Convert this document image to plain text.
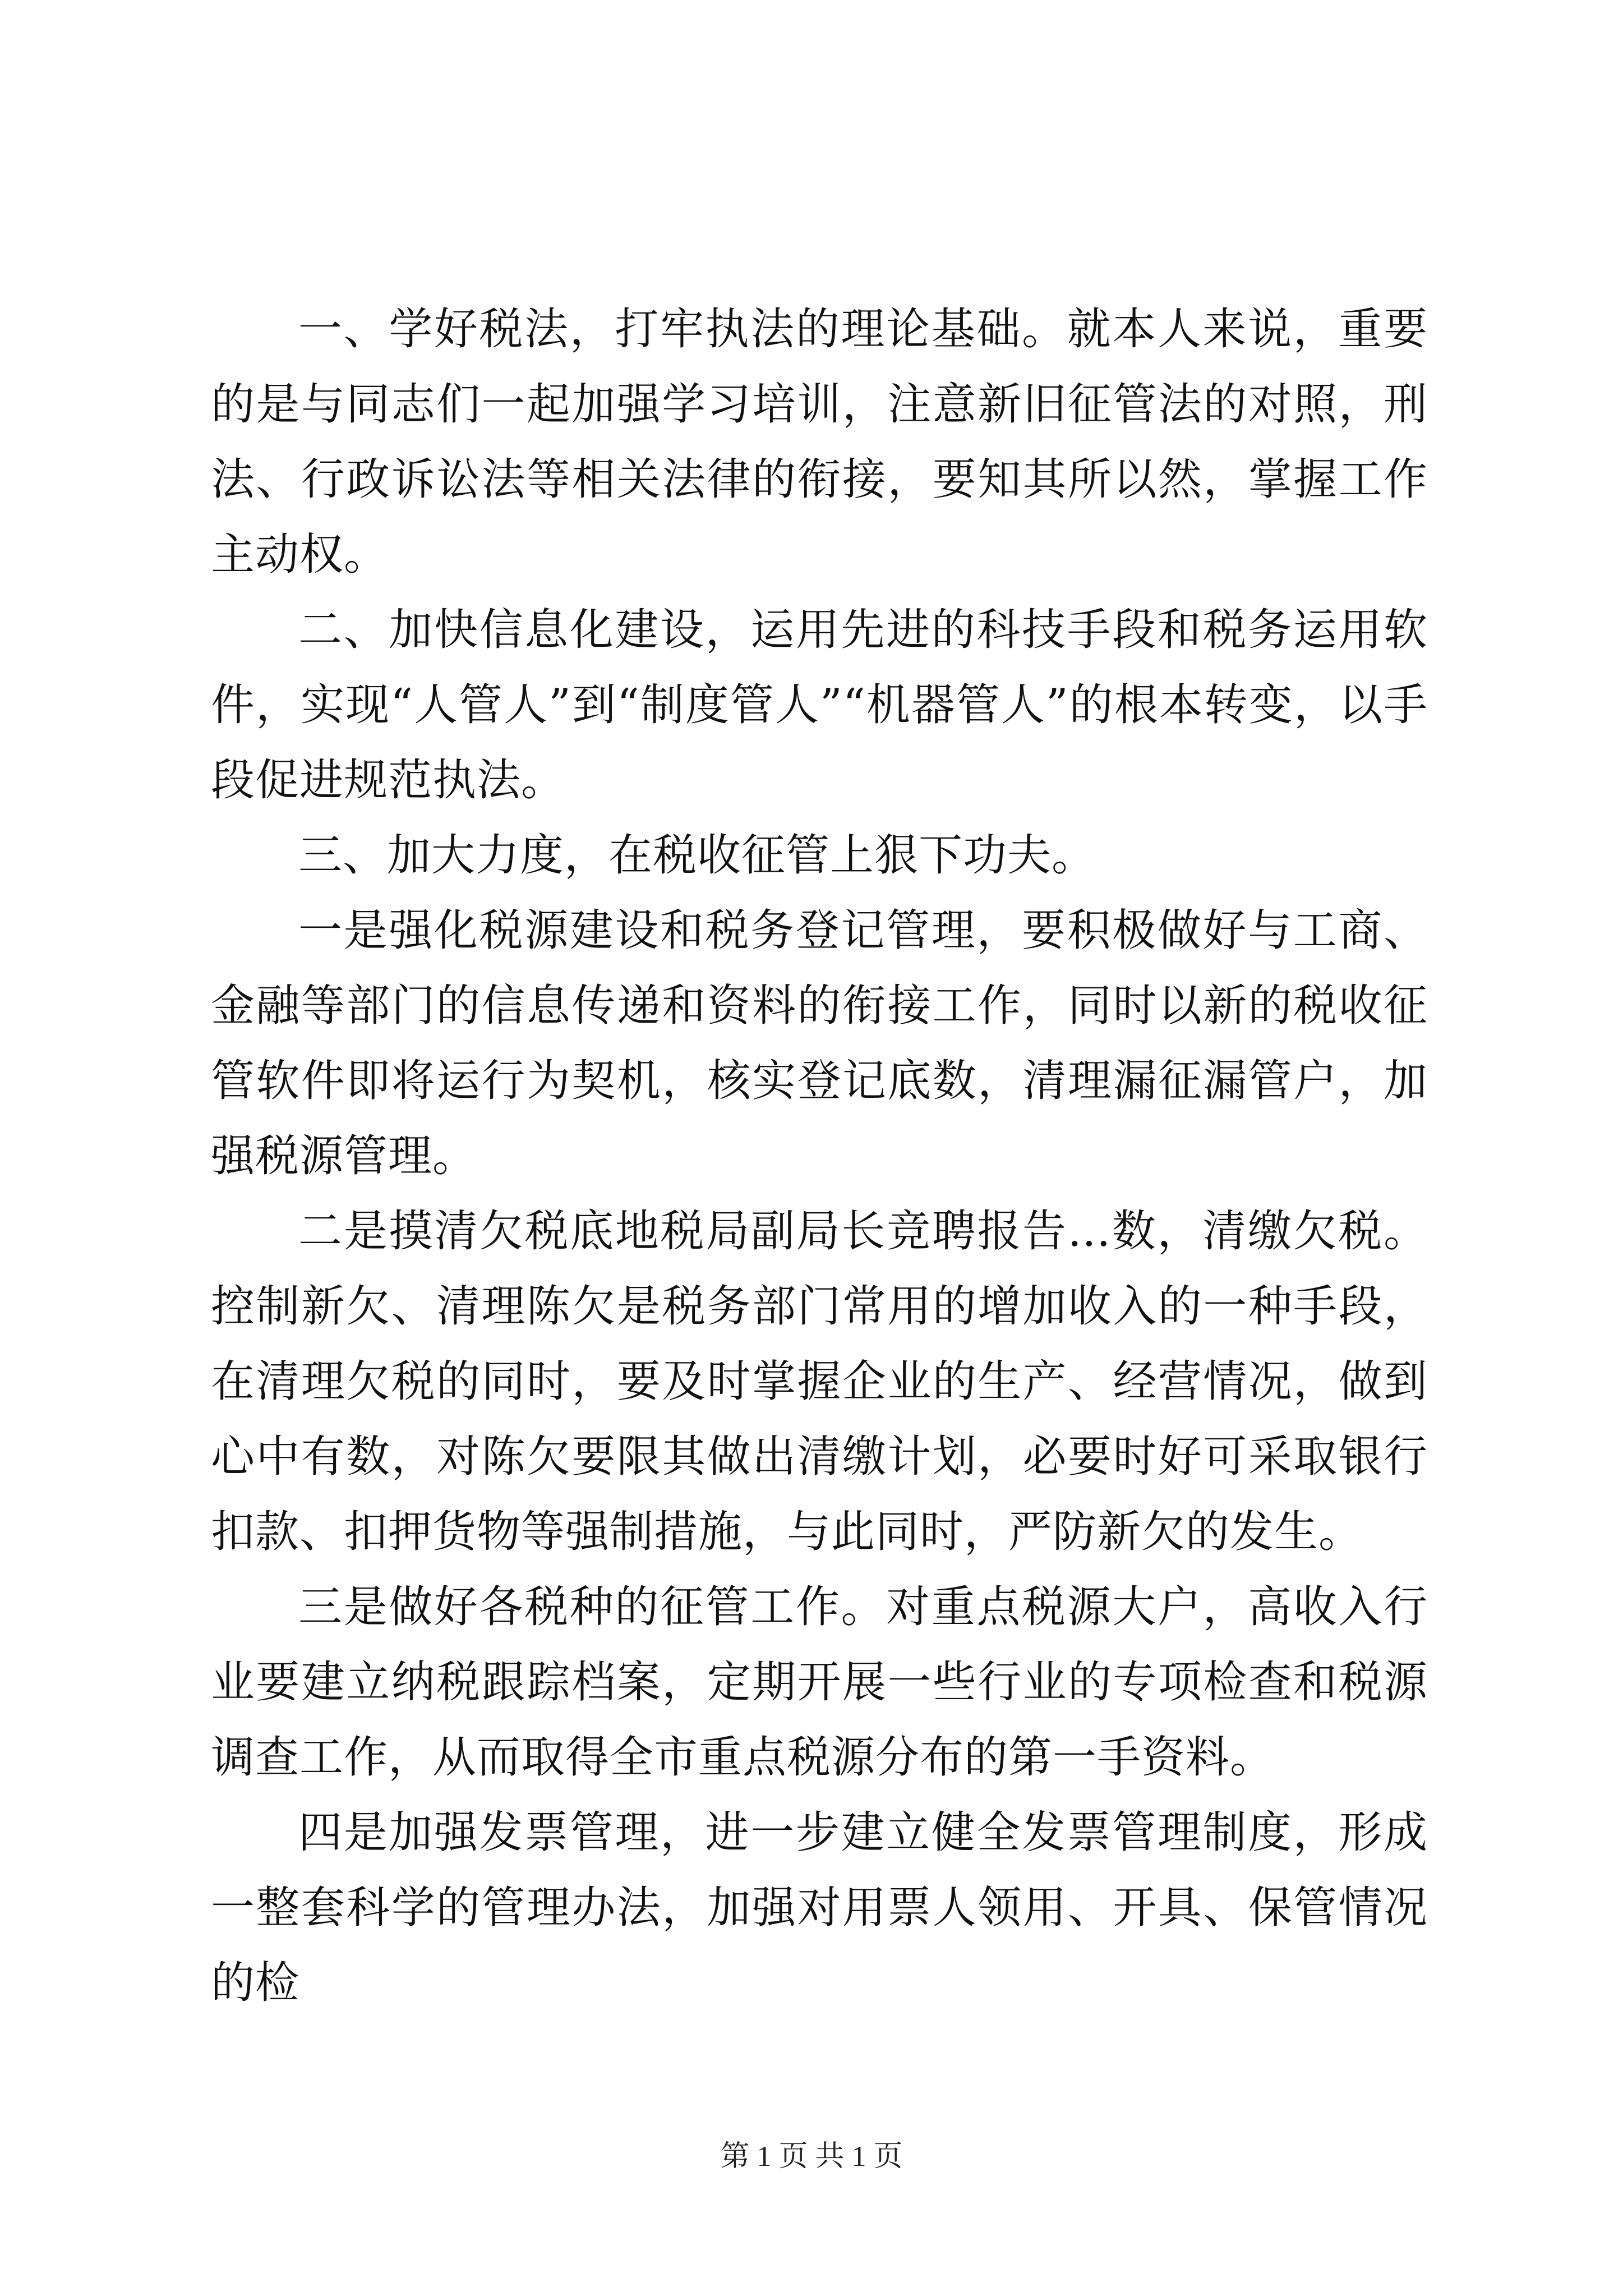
一、学好税法，打牢执法的理论基础。就本人来说，重要的是与同志们一起加强学习培训，注意新旧征管法的对照，刑法、行政诉讼法等相关法律的衔接，要知其所以然，掌握工作主动权。

二、加快信息化建设，运用先进的科技手段和税务运用软件，实现“人管人”到“制度管人”“机器管人”的根本转变，以手段促进规范执法。

三、加大力度，在税收征管上狠下功夫。

一是强化税源建设和税务登记管理，要积极做好与工商、金融等部门的信息传递和资料的衔接工作，同时以新的税收征管软件即将运行为契机，核实登记底数，清理漏征漏管户，加强税源管理。

二是摸清欠税底地税局副局长竞聘报告...数，清缴欠税。控制新欠、清理陈欠是税务部门常用的增加收入的一种手段，在清理欠税的同时，要及时掌握企业的生产、经营情况，做到心中有数，对陈欠要限其做出清缴计划，必要时好可采取银行扣款、扣押货物等强制措施，与此同时，严防新欠的发生。

三是做好各税种的征管工作。对重点税源大户，高收入行业要建立纳税跟踪档案，定期开展一些行业的专项检查和税源调查工作，从而取得全市重点税源分布的第一手资料。

四是加强发票管理，进一步建立健全发票管理制度，形成一整套科学的管理办法，加强对用票人领用、开具、保管情况的检

第 1 页 共 1 页
